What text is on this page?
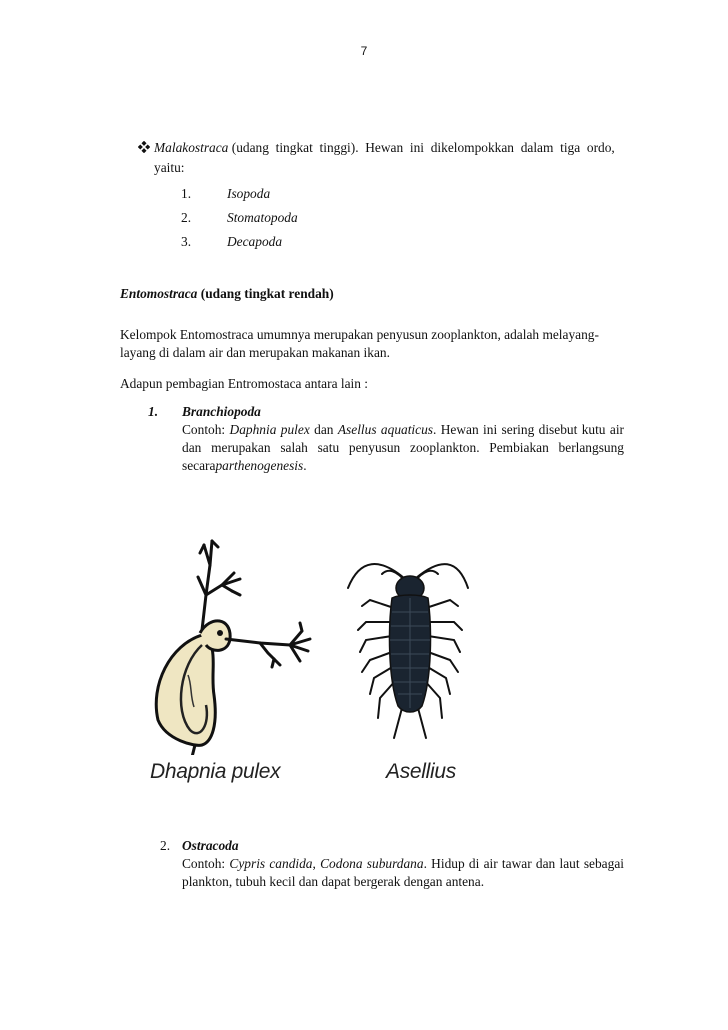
7
Malakostraca (udang  tingkat  tinggi).  Hewan  ini  dikelompokkan  dalam  tiga  ordo,
yaitu:
1.	Isopoda
2.	Stomatopoda
3.	Decapoda
Entomostraca (udang tingkat rendah)
Kelompok Entomostraca umumnya merupakan penyusun zooplankton, adalah melayang-
layang di dalam air dan merupakan makanan ikan.
Adapun pembagian Entromostaca antara lain :
1. Branchiopoda
Contoh: Daphnia pulex dan Asellus aquaticus. Hewan ini sering disebut kutu air
dan merupakan salah satu penyusun zooplankton. Pembiakan berlangsung
secaraparthenogenesis.
Dhapnia pulex	Asellius
2. Ostracoda
Contoh: Cypris candida, Codona suburdana. Hidup di air tawar dan laut sebagai
plankton, tubuh kecil dan dapat bergerak dengan antena.
